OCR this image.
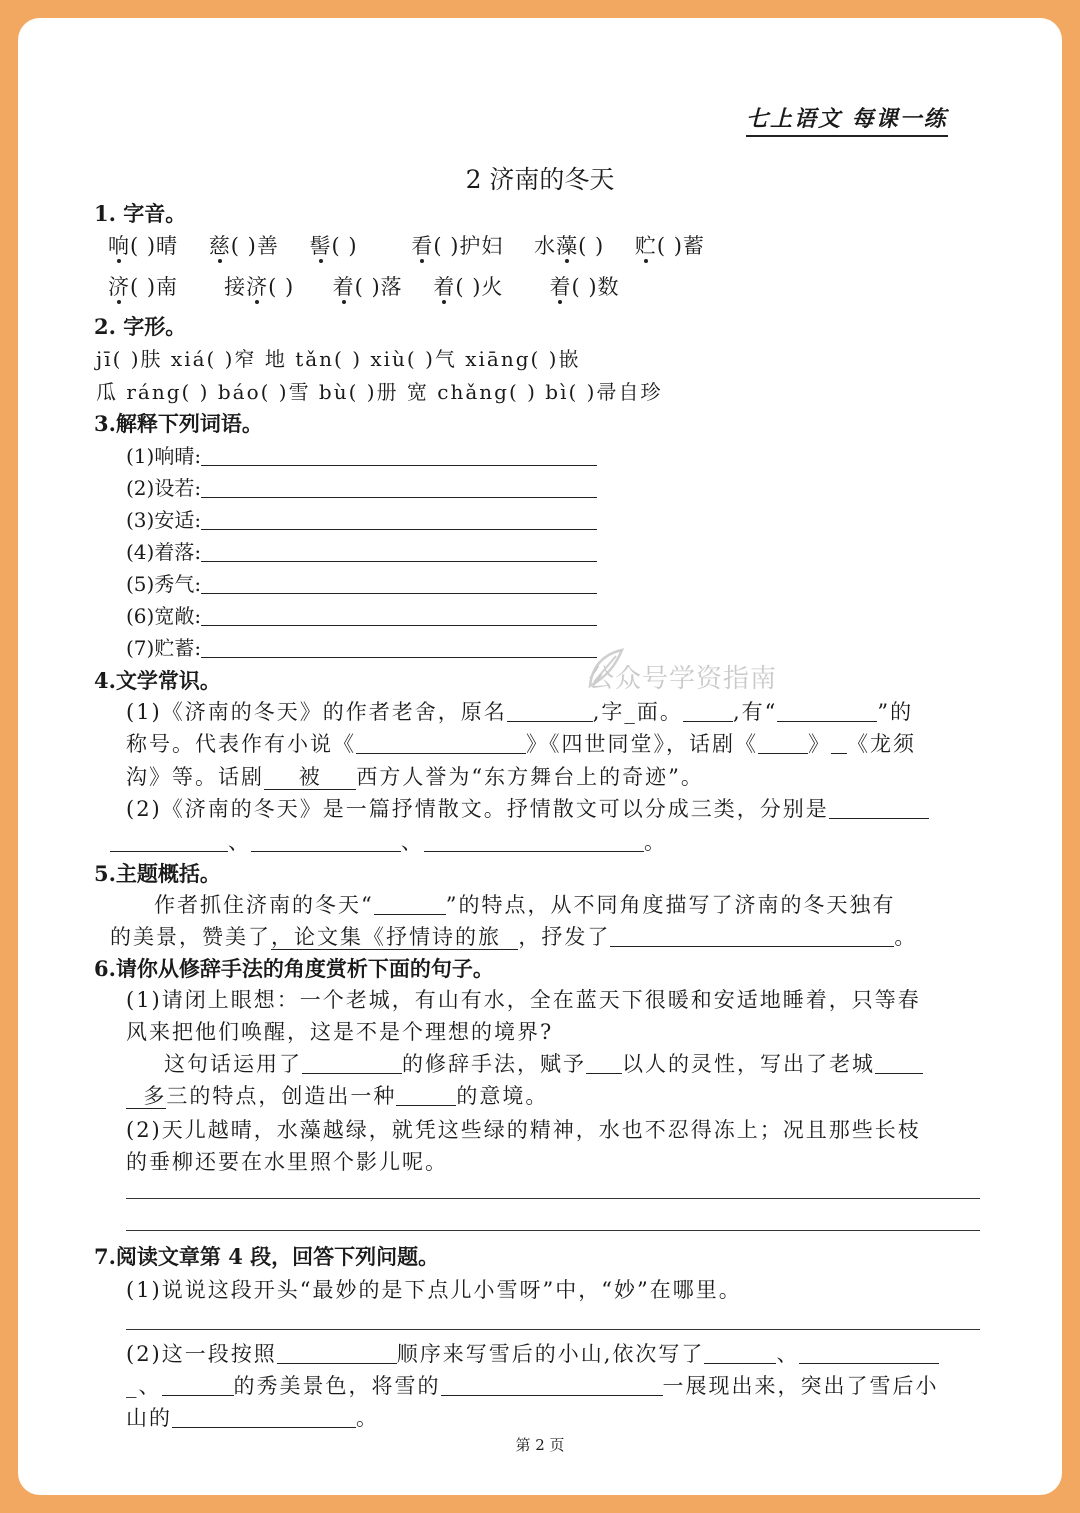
七上语文 每课一练
2 济南的冬天
1. 字音。
响( )晴 慈( )善 髻( )	看( )护妇 水藻( ) 贮( )蓄
济( )南 接济( ) 着( )落 着( )火 着( )数
2. 字形。
jī( )肤 xiá( )窄 地 tǎn( ) xiù( )气 xiāng( )嵌
瓜 ráng( ) báo( )雪 bù( )册 宽 chǎng( ) bì( )帚自珍
3.解释下列词语。
(1)响晴:
(2)设若:
(3)安适:
(4)着落:
(5)秀气:
(6)宽敞:
(7)贮蓄:
公众号学资指南
4.文学常识。
(1)《济南的冬天》的作者老舍，原名	,字_面。 ,有“	”的
称号。代表作有小说《	》《四世同堂》，话剧《 》 《龙须
沟》等。话剧 被 西方人誉为“东方舞台上的奇迹”。
(2)《济南的冬天》是一篇抒情散文。抒情散文可以分成三类，分别是
、	、	。
5.主题概括。
作者抓住济南的冬天“	”的特点，从不同角度描写了济南的冬天独有
的美景，赞美了，论文集《抒情诗的旅 ，抒发了	。
6.请你从修辞手法的角度赏析下面的句子。
(1)请闭上眼想：一个老城，有山有水，全在蓝天下很暖和安适地睡着，只等春
风来把他们唤醒，这是不是个理想的境界?
这句话运用了	的修辞手法，赋予 以人的灵性，写出了老城
多三的特点，创造出一种	的意境。
(2)天儿越晴，水藻越绿，就凭这些绿的精神，水也不忍得冻上；况且那些长枝
的垂柳还要在水里照个影儿呢。
7.阅读文章第 4 段，回答下列问题。
(1)说说这段开头“最妙的是下点儿小雪呀”中，“妙”在哪里。
(2)这一段按照	顺序来写雪后的小山,依次写了	、
_、	的秀美景色，将雪的	一展现出来，突出了雪后小
山的	。
第 2 页
